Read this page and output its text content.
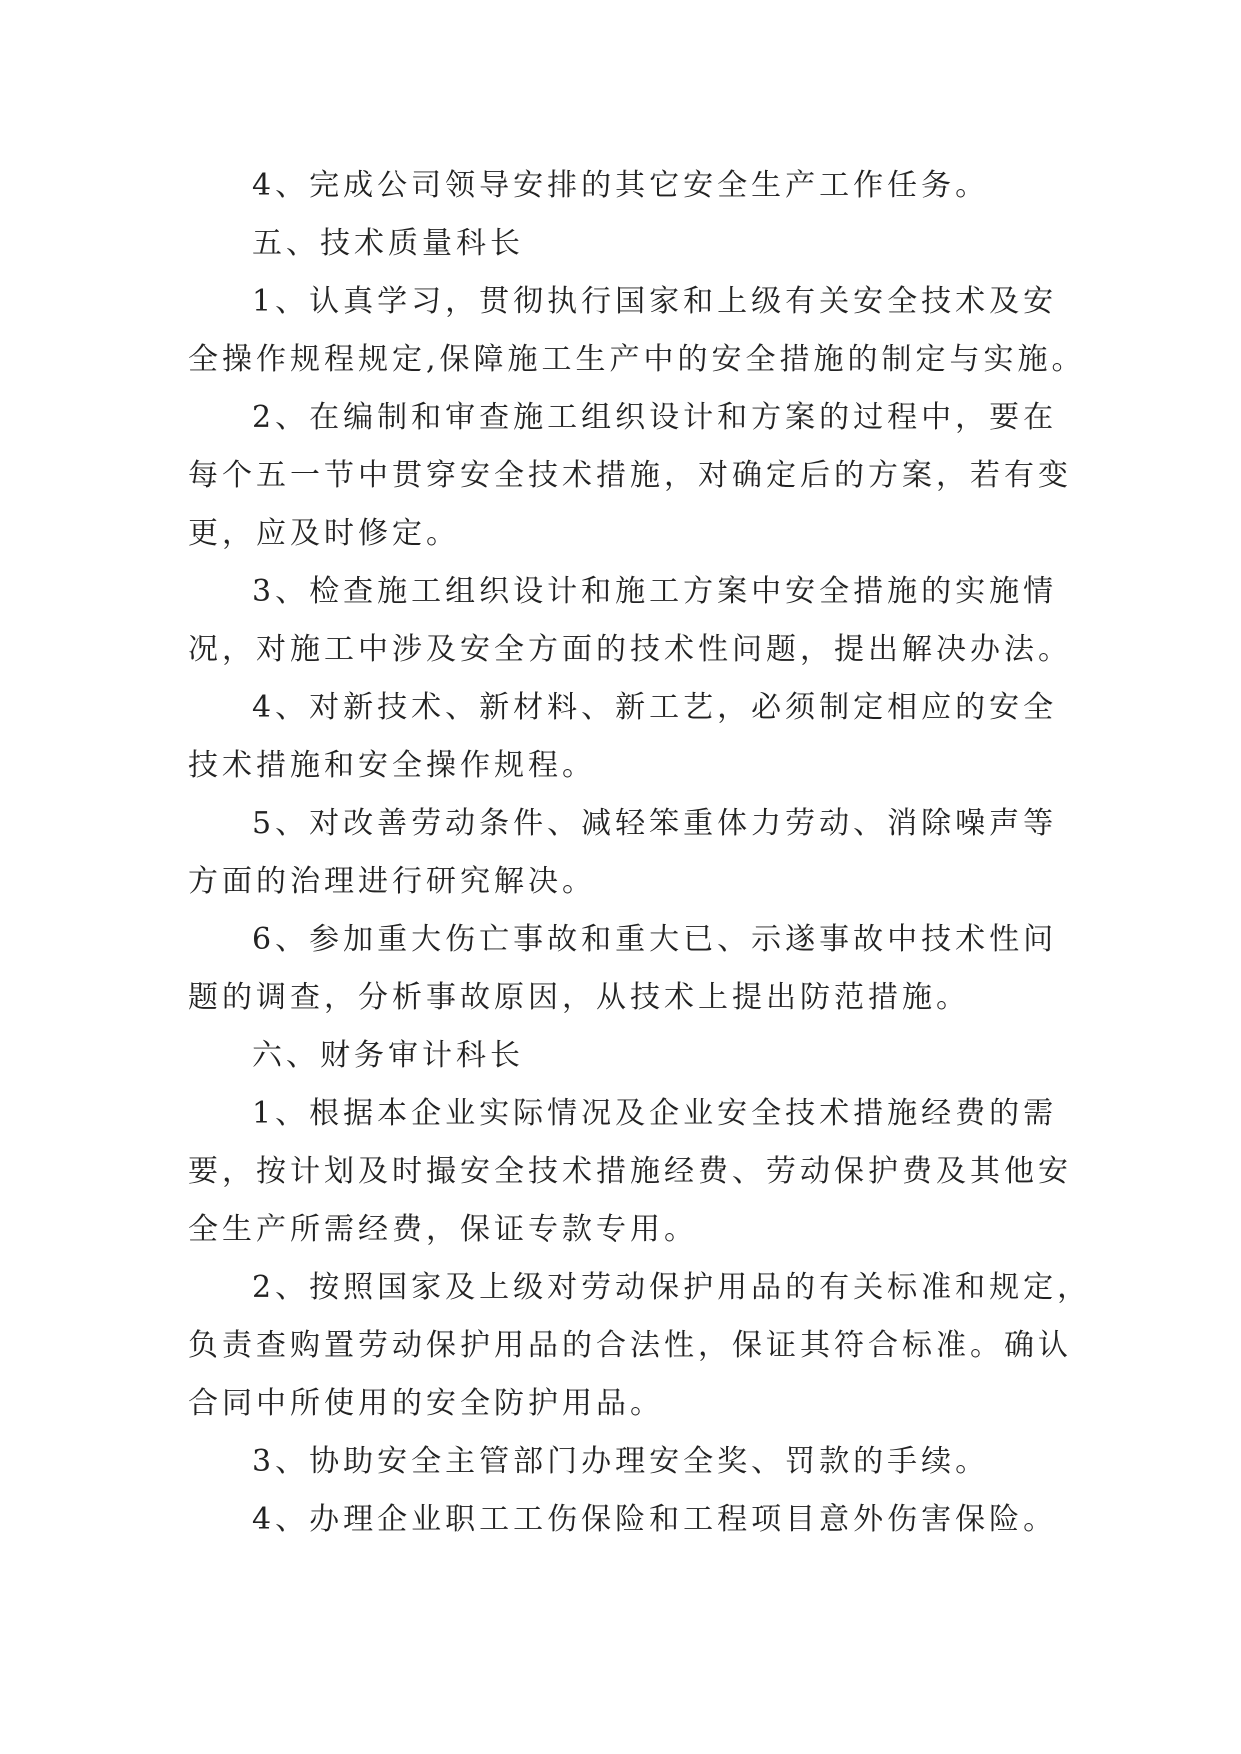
4、完成公司领导安排的其它安全生产工作任务。
五、技术质量科长
1、认真学习，贯彻执行国家和上级有关安全技术及安
全操作规程规定,保障施工生产中的安全措施的制定与实施。
2、在编制和审查施工组织设计和方案的过程中，要在
每个五一节中贯穿安全技术措施，对确定后的方案，若有变
更，应及时修定。
3、检查施工组织设计和施工方案中安全措施的实施情
况，对施工中涉及安全方面的技术性问题，提出解决办法。
4、对新技术、新材料、新工艺，必须制定相应的安全
技术措施和安全操作规程。
5、对改善劳动条件、减轻笨重体力劳动、消除噪声等
方面的治理进行研究解决。
6、参加重大伤亡事故和重大已、示遂事故中技术性问
题的调查，分析事故原因，从技术上提出防范措施。
六、财务审计科长
1、根据本企业实际情况及企业安全技术措施经费的需
要，按计划及时撮安全技术措施经费、劳动保护费及其他安
全生产所需经费，保证专款专用。
2、按照国家及上级对劳动保护用品的有关标准和规定，
负责查购置劳动保护用品的合法性，保证其符合标准。确认
合同中所使用的安全防护用品。
3、协助安全主管部门办理安全奖、罚款的手续。
4、办理企业职工工伤保险和工程项目意外伤害保险。
